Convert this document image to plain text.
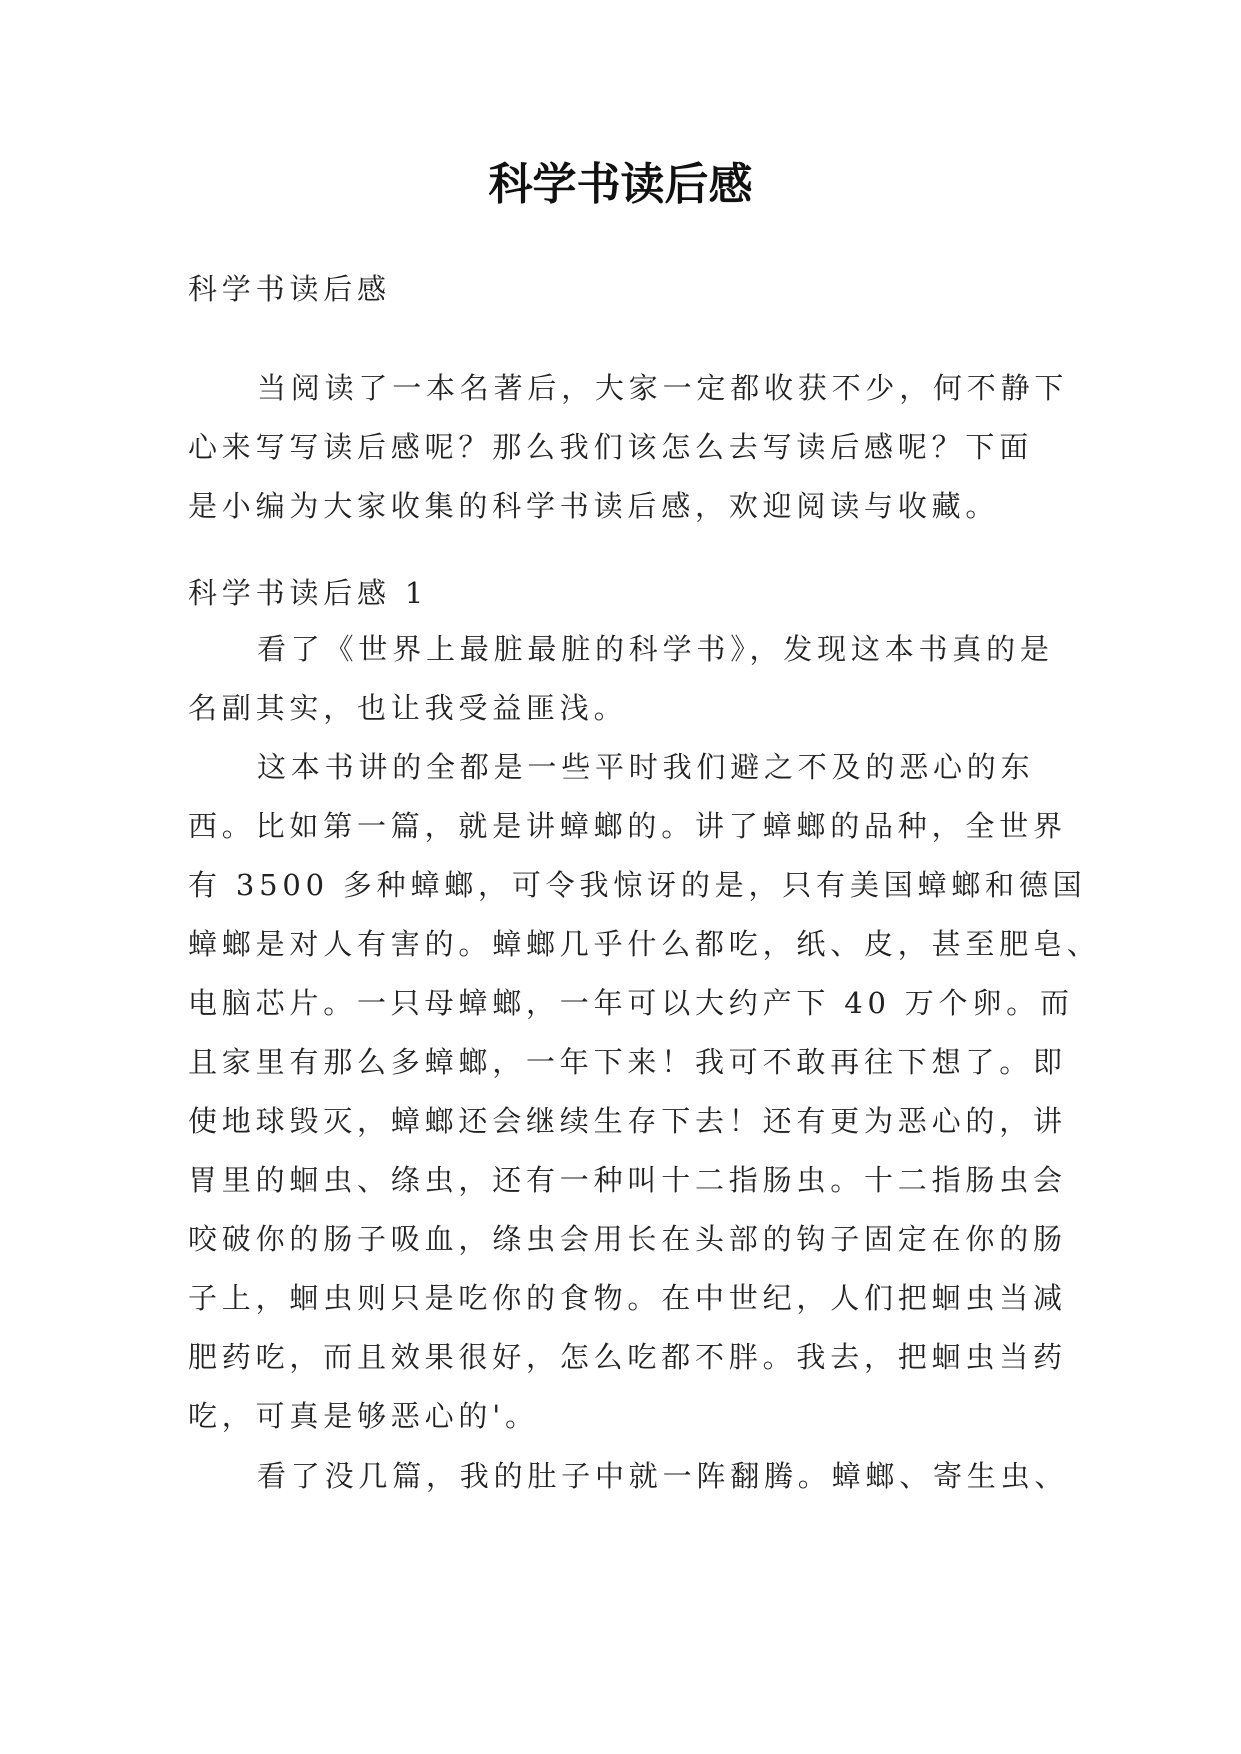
科学书读后感

科学书读后感

当阅读了一本名著后，大家一定都收获不少，何不静下
心来写写读后感呢？那么我们该怎么去写读后感呢？下面
是小编为大家收集的科学书读后感，欢迎阅读与收藏。

科学书读后感 1

看了《世界上最脏最脏的科学书》，发现这本书真的是
名副其实，也让我受益匪浅。

这本书讲的全都是一些平时我们避之不及的恶心的东
西。比如第一篇，就是讲蟑螂的。讲了蟑螂的品种，全世界
有 3500 多种蟑螂，可令我惊讶的是，只有美国蟑螂和德国
蟑螂是对人有害的。蟑螂几乎什么都吃，纸、皮，甚至肥皂、
电脑芯片。一只母蟑螂，一年可以大约产下 40 万个卵。而
且家里有那么多蟑螂，一年下来！我可不敢再往下想了。即
使地球毁灭，蟑螂还会继续生存下去！还有更为恶心的，讲
胃里的蛔虫、绦虫，还有一种叫十二指肠虫。十二指肠虫会
咬破你的肠子吸血，绦虫会用长在头部的钩子固定在你的肠
子上，蛔虫则只是吃你的食物。在中世纪，人们把蛔虫当减
肥药吃，而且效果很好，怎么吃都不胖。我去，把蛔虫当药
吃，可真是够恶心的'。

看了没几篇，我的肚子中就一阵翻腾。蟑螂、寄生虫、
